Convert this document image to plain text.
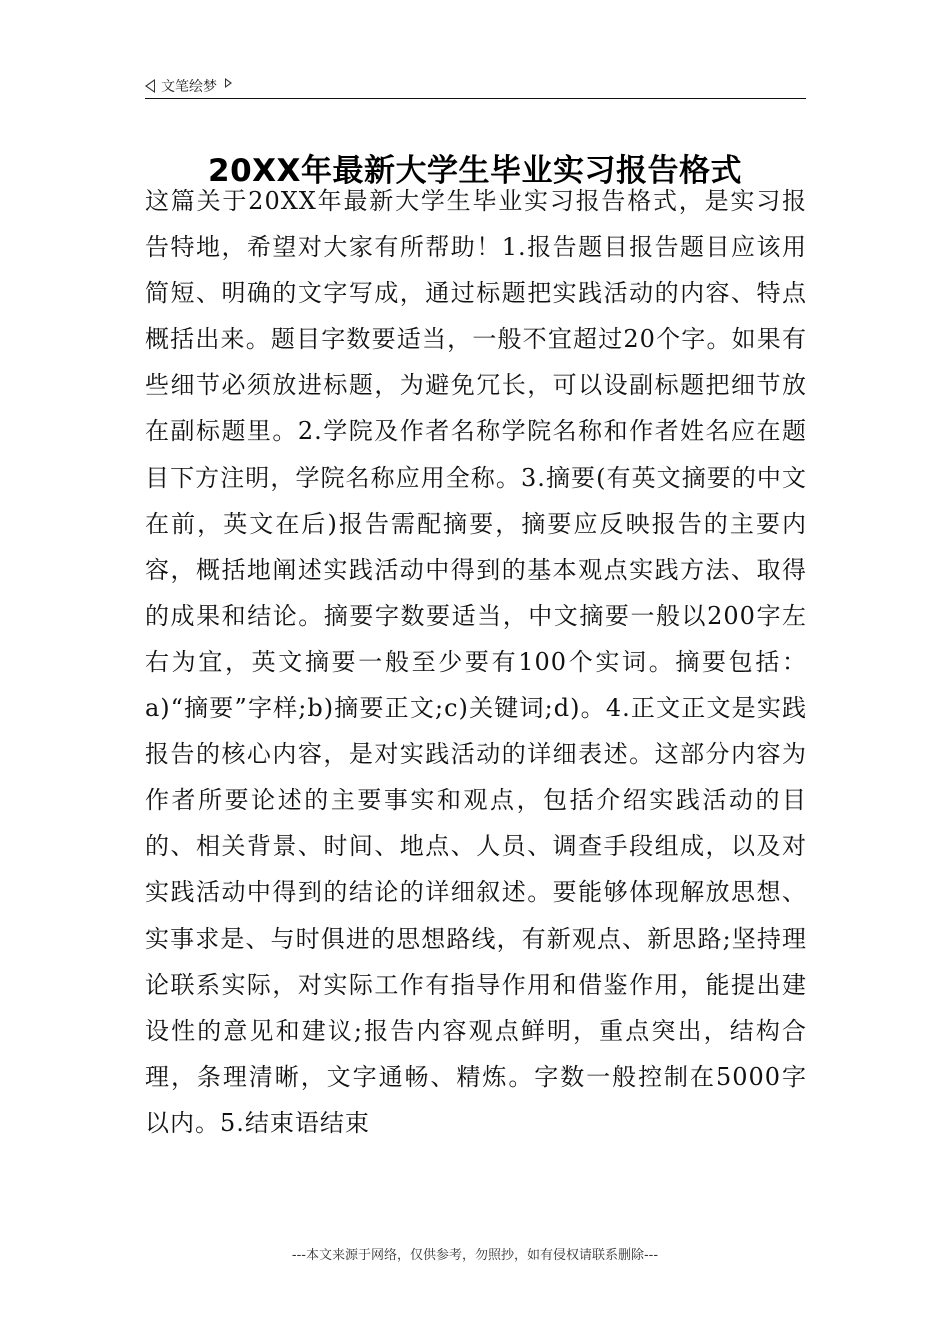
文笔绘梦
20XX年最新大学生毕业实习报告格式

这篇关于20XX年最新大学生毕业实习报告格式，是实习报告特地，希望对大家有所帮助！1.报告题目报告题目应该用简短、明确的文字写成，通过标题把实践活动的内容、特点概括出来。题目字数要适当，一般不宜超过20个字。如果有些细节必须放进标题，为避免冗长，可以设副标题把细节放在副标题里。2.学院及作者名称学院名称和作者姓名应在题目下方注明，学院名称应用全称。3.摘要(有英文摘要的中文在前，英文在后)报告需配摘要，摘要应反映报告的主要内容，概括地阐述实践活动中得到的基本观点实践方法、取得的成果和结论。摘要字数要适当，中文摘要一般以200字左右为宜，英文摘要一般至少要有100个实词。摘要包括：a)“摘要”字样;b)摘要正文;c)关键词;d)。4.正文正文是实践报告的核心内容，是对实践活动的详细表述。这部分内容为作者所要论述的主要事实和观点，包括介绍实践活动的目的、相关背景、时间、地点、人员、调查手段组成，以及对实践活动中得到的结论的详细叙述。要能够体现解放思想、实事求是、与时俱进的思想路线，有新观点、新思路;坚持理论联系实际，对实际工作有指导作用和借鉴作用，能提出建设性的意见和建议;报告内容观点鲜明，重点突出，结构合理，条理清晰，文字通畅、精炼。字数一般控制在5000字以内。5.结束语结束

---本文来源于网络，仅供参考，勿照抄，如有侵权请联系删除---
